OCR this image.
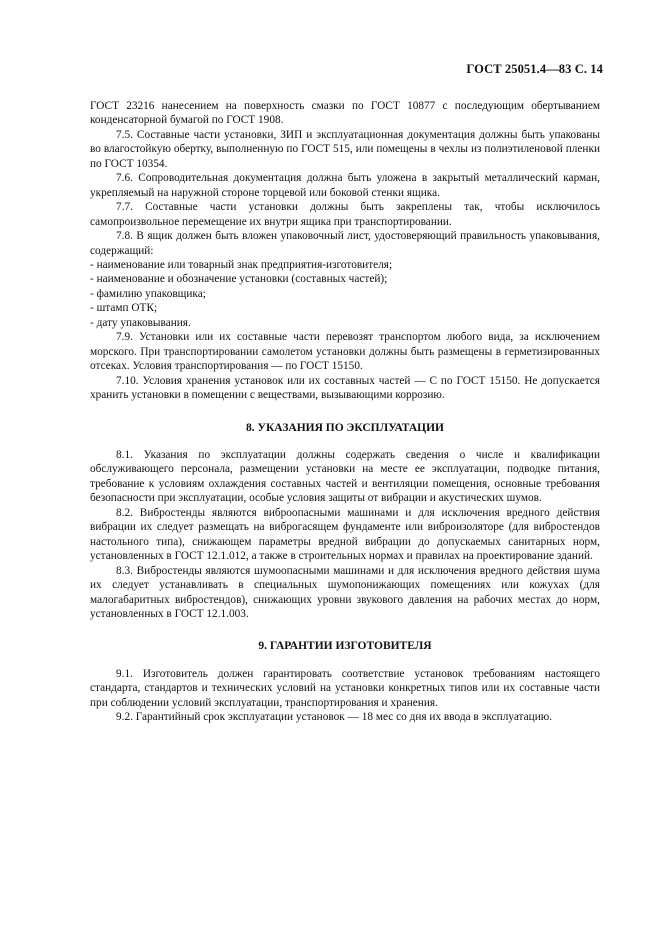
ГОСТ 25051.4—83 С. 14

ГОСТ 23216 нанесением на поверхность смазки по ГОСТ 10877 с последующим обертыванием конденсаторной бумагой по ГОСТ 1908.

7.5. Составные части установки, ЗИП и эксплуатационная документация должны быть упакованы во влагостойкую обертку, выполненную по ГОСТ 515, или помещены в чехлы из полиэтиленовой пленки по ГОСТ 10354.

7.6. Сопроводительная документация должна быть уложена в закрытый металлический карман, укрепляемый на наружной стороне торцевой или боковой стенки ящика.

7.7. Составные части установки должны быть закреплены так, чтобы исключилось самопроизвольное перемещение их внутри ящика при транспортировании.

7.8. В ящик должен быть вложен упаковочный лист, удостоверяющий правильность упаковывания, содержащий:

- наименование или товарный знак предприятия-изготовителя;
- наименование и обозначение установки (составных частей);
- фамилию упаковщика;
- штамп ОТК;
- дату упаковывания.

7.9. Установки или их составные части перевозят транспортом любого вида, за исключением морского. При транспортировании самолетом установки должны быть размещены в герметизированных отсеках. Условия транспортирования — по ГОСТ 15150.

7.10. Условия хранения установок или их составных частей — С по ГОСТ 15150. Не допускается хранить установки в помещении с веществами, вызывающими коррозию.

8. УКАЗАНИЯ ПО ЭКСПЛУАТАЦИИ

8.1. Указания по эксплуатации должны содержать сведения о числе и квалификации обслуживающего персонала, размещении установки на месте ее эксплуатации, подводке питания, требование к условиям охлаждения составных частей и вентиляции помещения, основные требования безопасности при эксплуатации, особые условия защиты от вибрации и акустических шумов.

8.2. Вибростенды являются виброопасными машинами и для исключения вредного действия вибрации их следует размещать на виброгасящем фундаменте или виброизоляторе (для вибростендов настольного типа), снижающем параметры вредной вибрации до допускаемых санитарных норм, установленных в ГОСТ 12.1.012, а также в строительных нормах и правилах на проектирование зданий.

8.3. Вибростенды являются шумоопасными машинами и для исключения вредного действия шума их следует устанавливать в специальных шумопонижающих помещениях или кожухах (для малогабаритных вибростендов), снижающих уровни звукового давления на рабочих местах до норм, установленных в ГОСТ 12.1.003.

9. ГАРАНТИИ ИЗГОТОВИТЕЛЯ

9.1. Изготовитель должен гарантировать соответствие установок требованиям настоящего стандарта, стандартов и технических условий на установки конкретных типов или их составные части при соблюдении условий эксплуатации, транспортирования и хранения.

9.2. Гарантийный срок эксплуатации установок — 18 мес со дня их ввода в эксплуатацию.
